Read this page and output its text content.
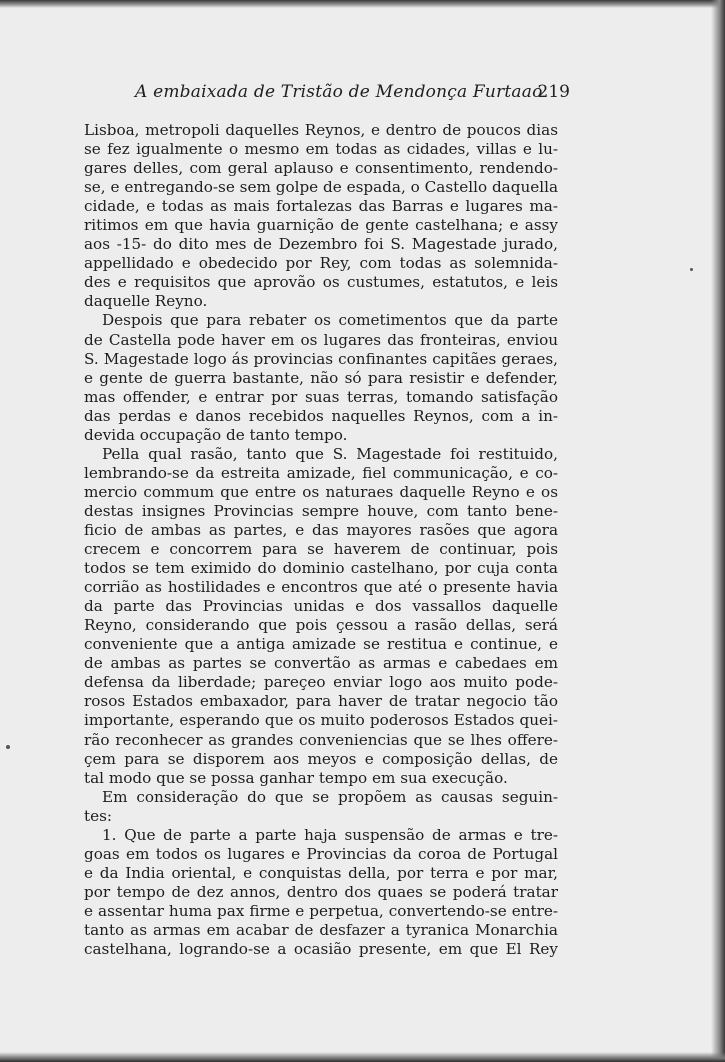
A embaixada de Tristão de Mendonça Furtaao
219
Lisboa, metropoli daquelles Reynos, e dentro de poucos dias
se fez igualmente o mesmo em todas as cidades, villas e lu-
gares delles, com geral aplauso e consentimento, rendendo-
se, e entregando-se sem golpe de espada, o Castello daquella
cidade, e todas as mais fortalezas das Barras e lugares ma-
ritimos em que havia guarnição de gente castelhana; e assy
aos -15- do dito mes de Dezembro foi S. Magestade jurado,
appellidado e obedecido por Rey, com todas as solemnida-
des e requisitos que aprovão os custumes, estatutos, e leis
daquelle Reyno.
Despois que para rebater os cometimentos que da parte
de Castella pode haver em os lugares das fronteiras, enviou
S. Magestade logo ás provincias confinantes capitães geraes,
e gente de guerra bastante, não só para resistir e defender,
mas offender, e entrar por suas terras, tomando satisfação
das perdas e danos recebidos naquelles Reynos, com a in-
devida occupação de tanto tempo.
Pella qual rasão, tanto que S. Magestade foi restituido,
lembrando-se da estreita amizade, fiel communicação, e co-
mercio commum que entre os naturaes daquelle Reyno e os
destas insignes Provincias sempre houve, com tanto bene-
ficio de ambas as partes, e das mayores rasões que agora
crecem e concorrem para se haverem de continuar, pois
todos se tem eximido do dominio castelhano, por cuja conta
corrião as hostilidades e encontros que até o presente havia
da parte das Provincias unidas e dos vassallos daquelle
Reyno, considerando que pois çessou a rasão dellas, será
conveniente que a antiga amizade se restitua e continue, e
de ambas as partes se convertão as armas e cabedaes em
defensa da liberdade; pareçeo enviar logo aos muito pode-
rosos Estados embaxador, para haver de tratar negocio tão
importante, esperando que os muito poderosos Estados quei-
rão reconhecer as grandes conveniencias que se lhes offere-
çem para se disporem aos meyos e composição dellas, de
tal modo que se possa ganhar tempo em sua execução.
Em consideração do que se propõem as causas seguin-
tes:
1. Que de parte a parte haja suspensão de armas e tre-
goas em todos os lugares e Provincias da coroa de Portugal
e da India oriental, e conquistas della, por terra e por mar,
por tempo de dez annos, dentro dos quaes se poderá tratar
e assentar huma pax firme e perpetua, convertendo-se entre-
tanto as armas em acabar de desfazer a tyranica Monarchia
castelhana, logrando-se a ocasião presente, em que El Rey
